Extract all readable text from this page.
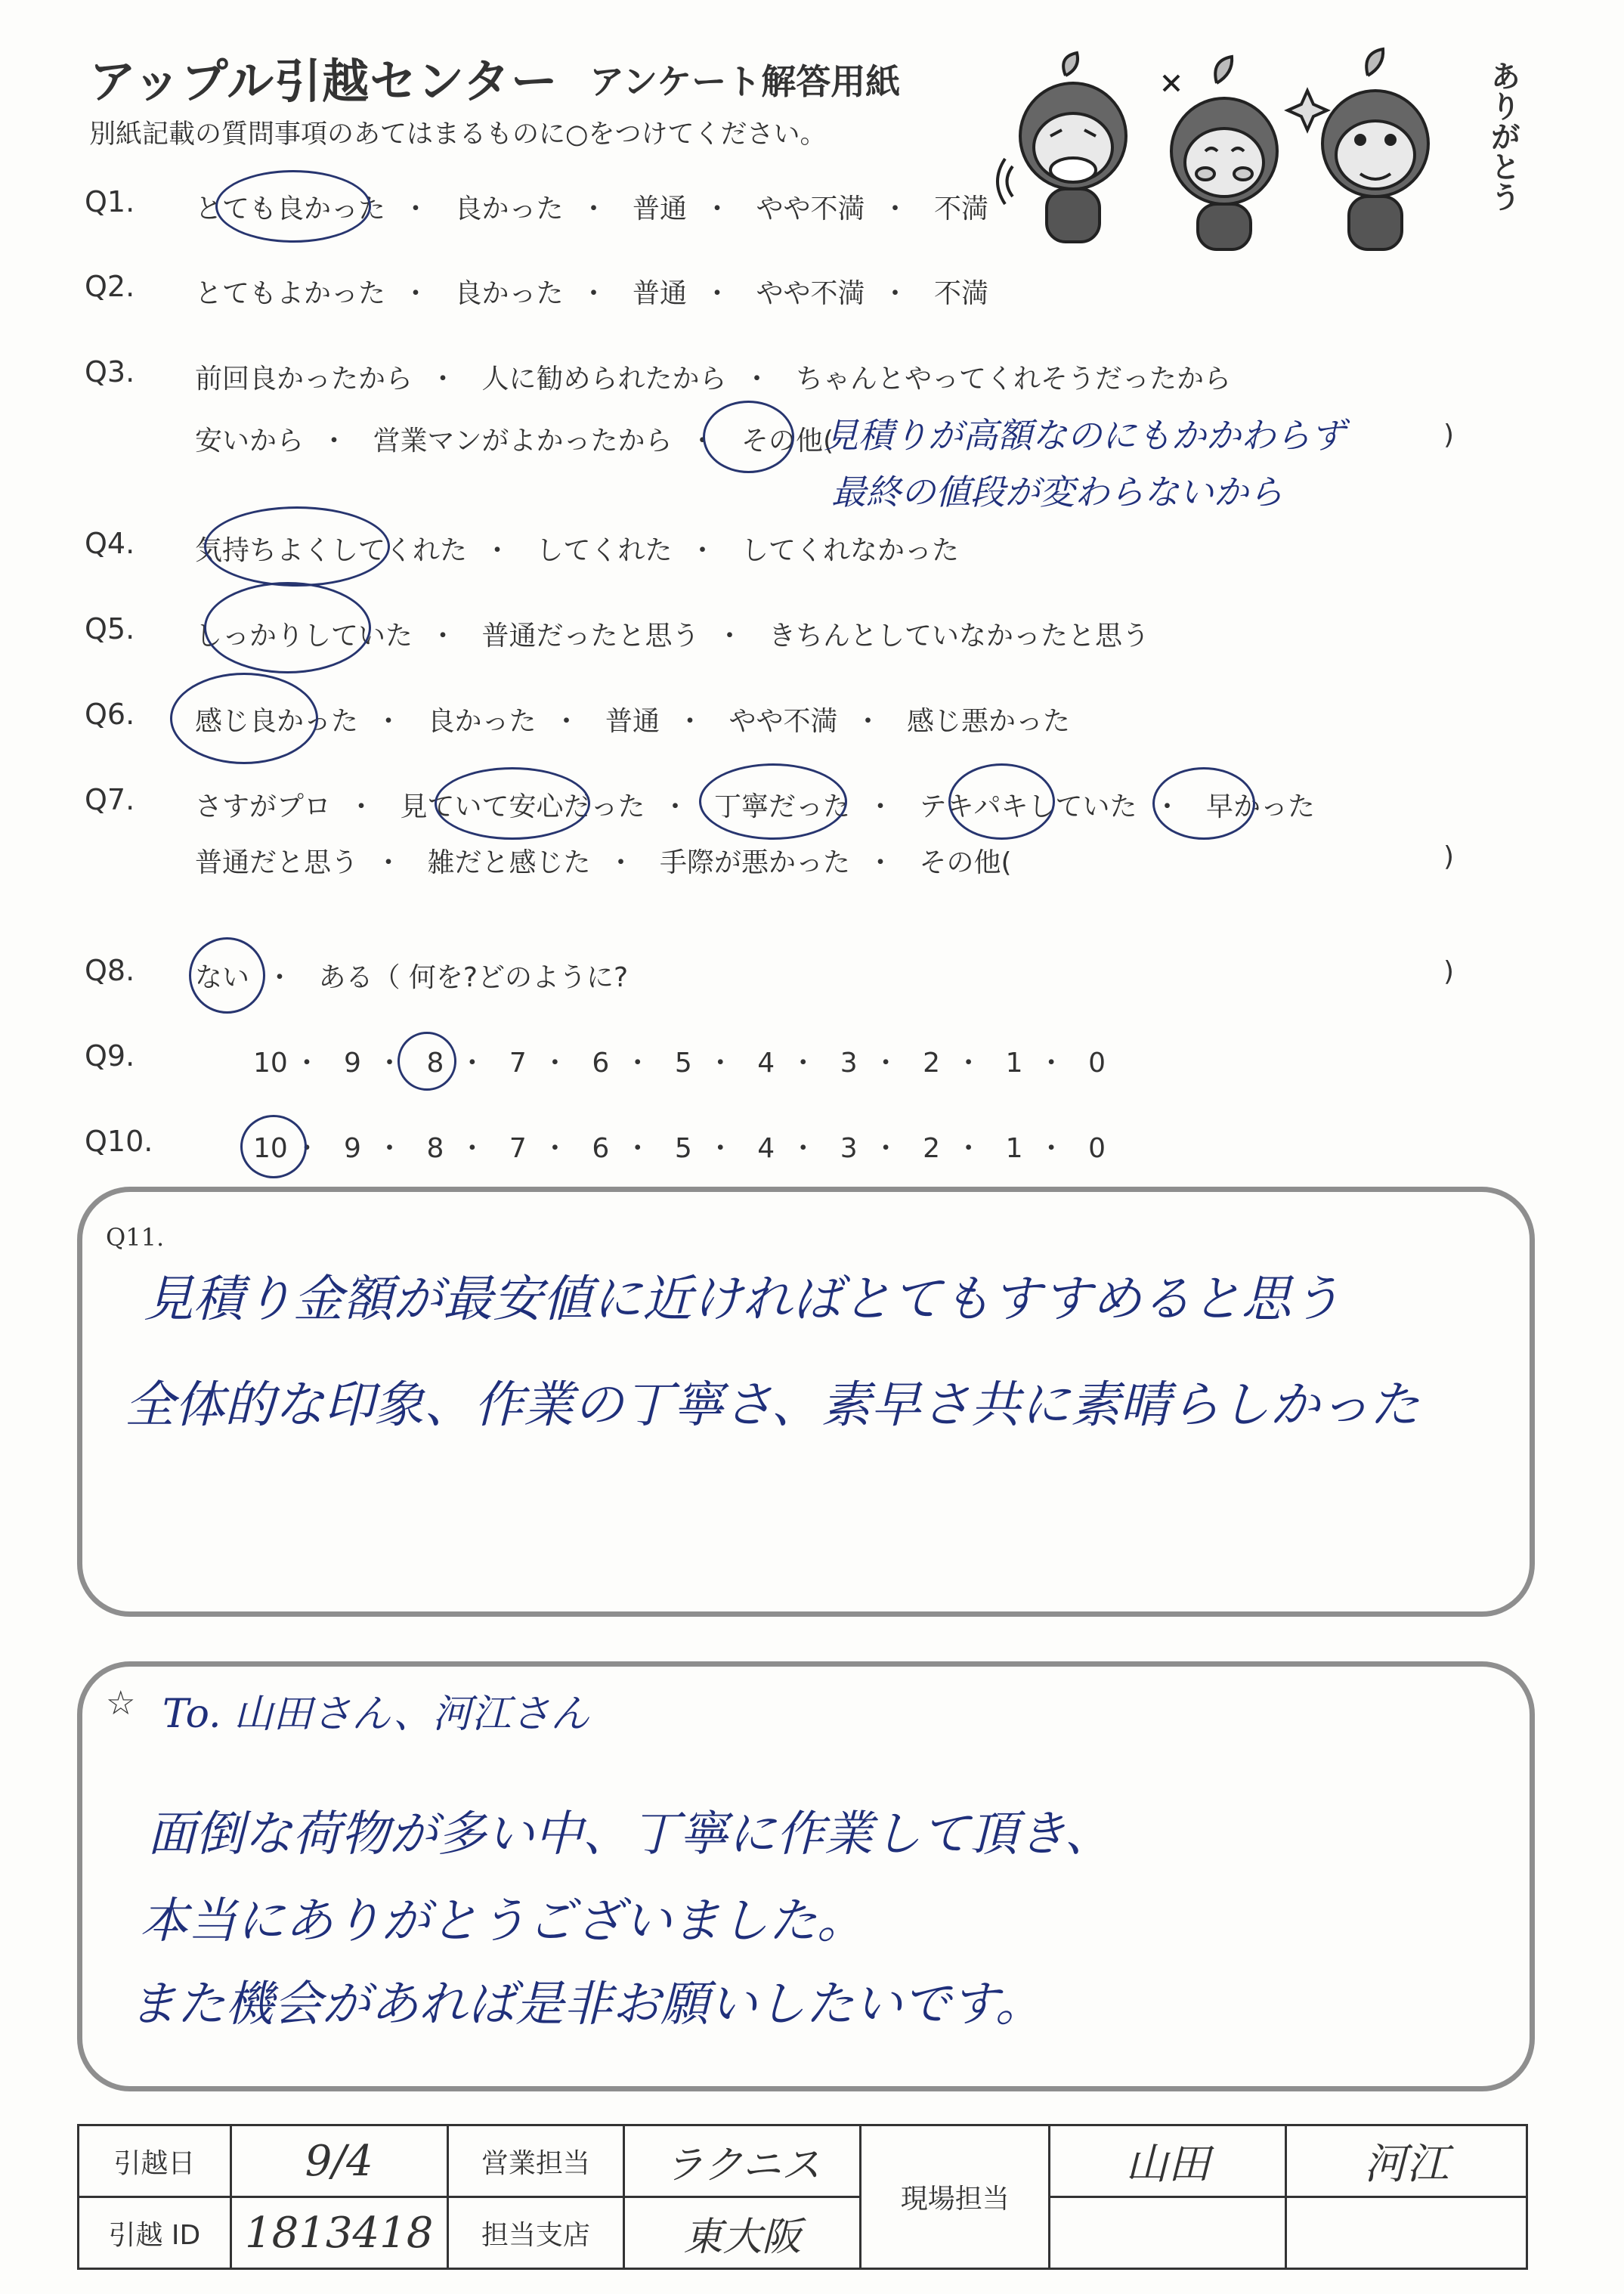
アップル引越センター アンケート解答用紙
別紙記載の質問事項のあてはまるものに○をつけてください。	ありがとう
Q1. とても良かった ・ 良かった ・ 普通 ・ やや不満 ・ 不満
Q2. とてもよかった ・ 良かった ・ 普通 ・ やや不満 ・ 不満
Q3. 前回良かったから ・ 人に勧められたから ・ ちゃんとやってくれそうだったから
安いから ・ 営業マンがよかったから ・ その他(
見積りが高額なのにもかかわらず
最終の値段が変わらないから
)
Q4. 気持ちよくしてくれた ・ してくれた ・ してくれなかった
Q5. しっかりしていた ・ 普通だったと思う ・ きちんとしていなかったと思う
Q6. 感じ良かった ・ 良かった ・ 普通 ・ やや不満 ・ 感じ悪かった
Q7. さすがプロ ・ 見ていて安心だった ・ 丁寧だった ・ テキパキしていた ・ 早かった
普通だと思う ・ 雑だと感じた ・ 手際が悪かった ・ その他(	)
Q8. ない ・ ある（ 何を?どのように?	)
Q9.	10 ・ 9 ・ 8 ・ 7 ・ 6 ・ 5 ・ 4 ・ 3 ・ 2 ・ 1 ・ 0
Q10.	10 ・ 9 ・ 8 ・ 7 ・ 6 ・ 5 ・ 4 ・ 3 ・ 2 ・ 1 ・ 0
Q11.
見積り金額が最安値に近ければとてもすすめると思う
全体的な印象、作業の丁寧さ、素早さ共に素晴らしかった
☆ To. 山田さん、河江さん
面倒な荷物が多い中、丁寧に作業して頂き、
本当にありがとうございました。
また機会があれば是非お願いしたいです。
引越日	9/4	営業担当	ラクニス	現場担当	山田	河江
引越 ID	1813418	担当支店	東大阪			
